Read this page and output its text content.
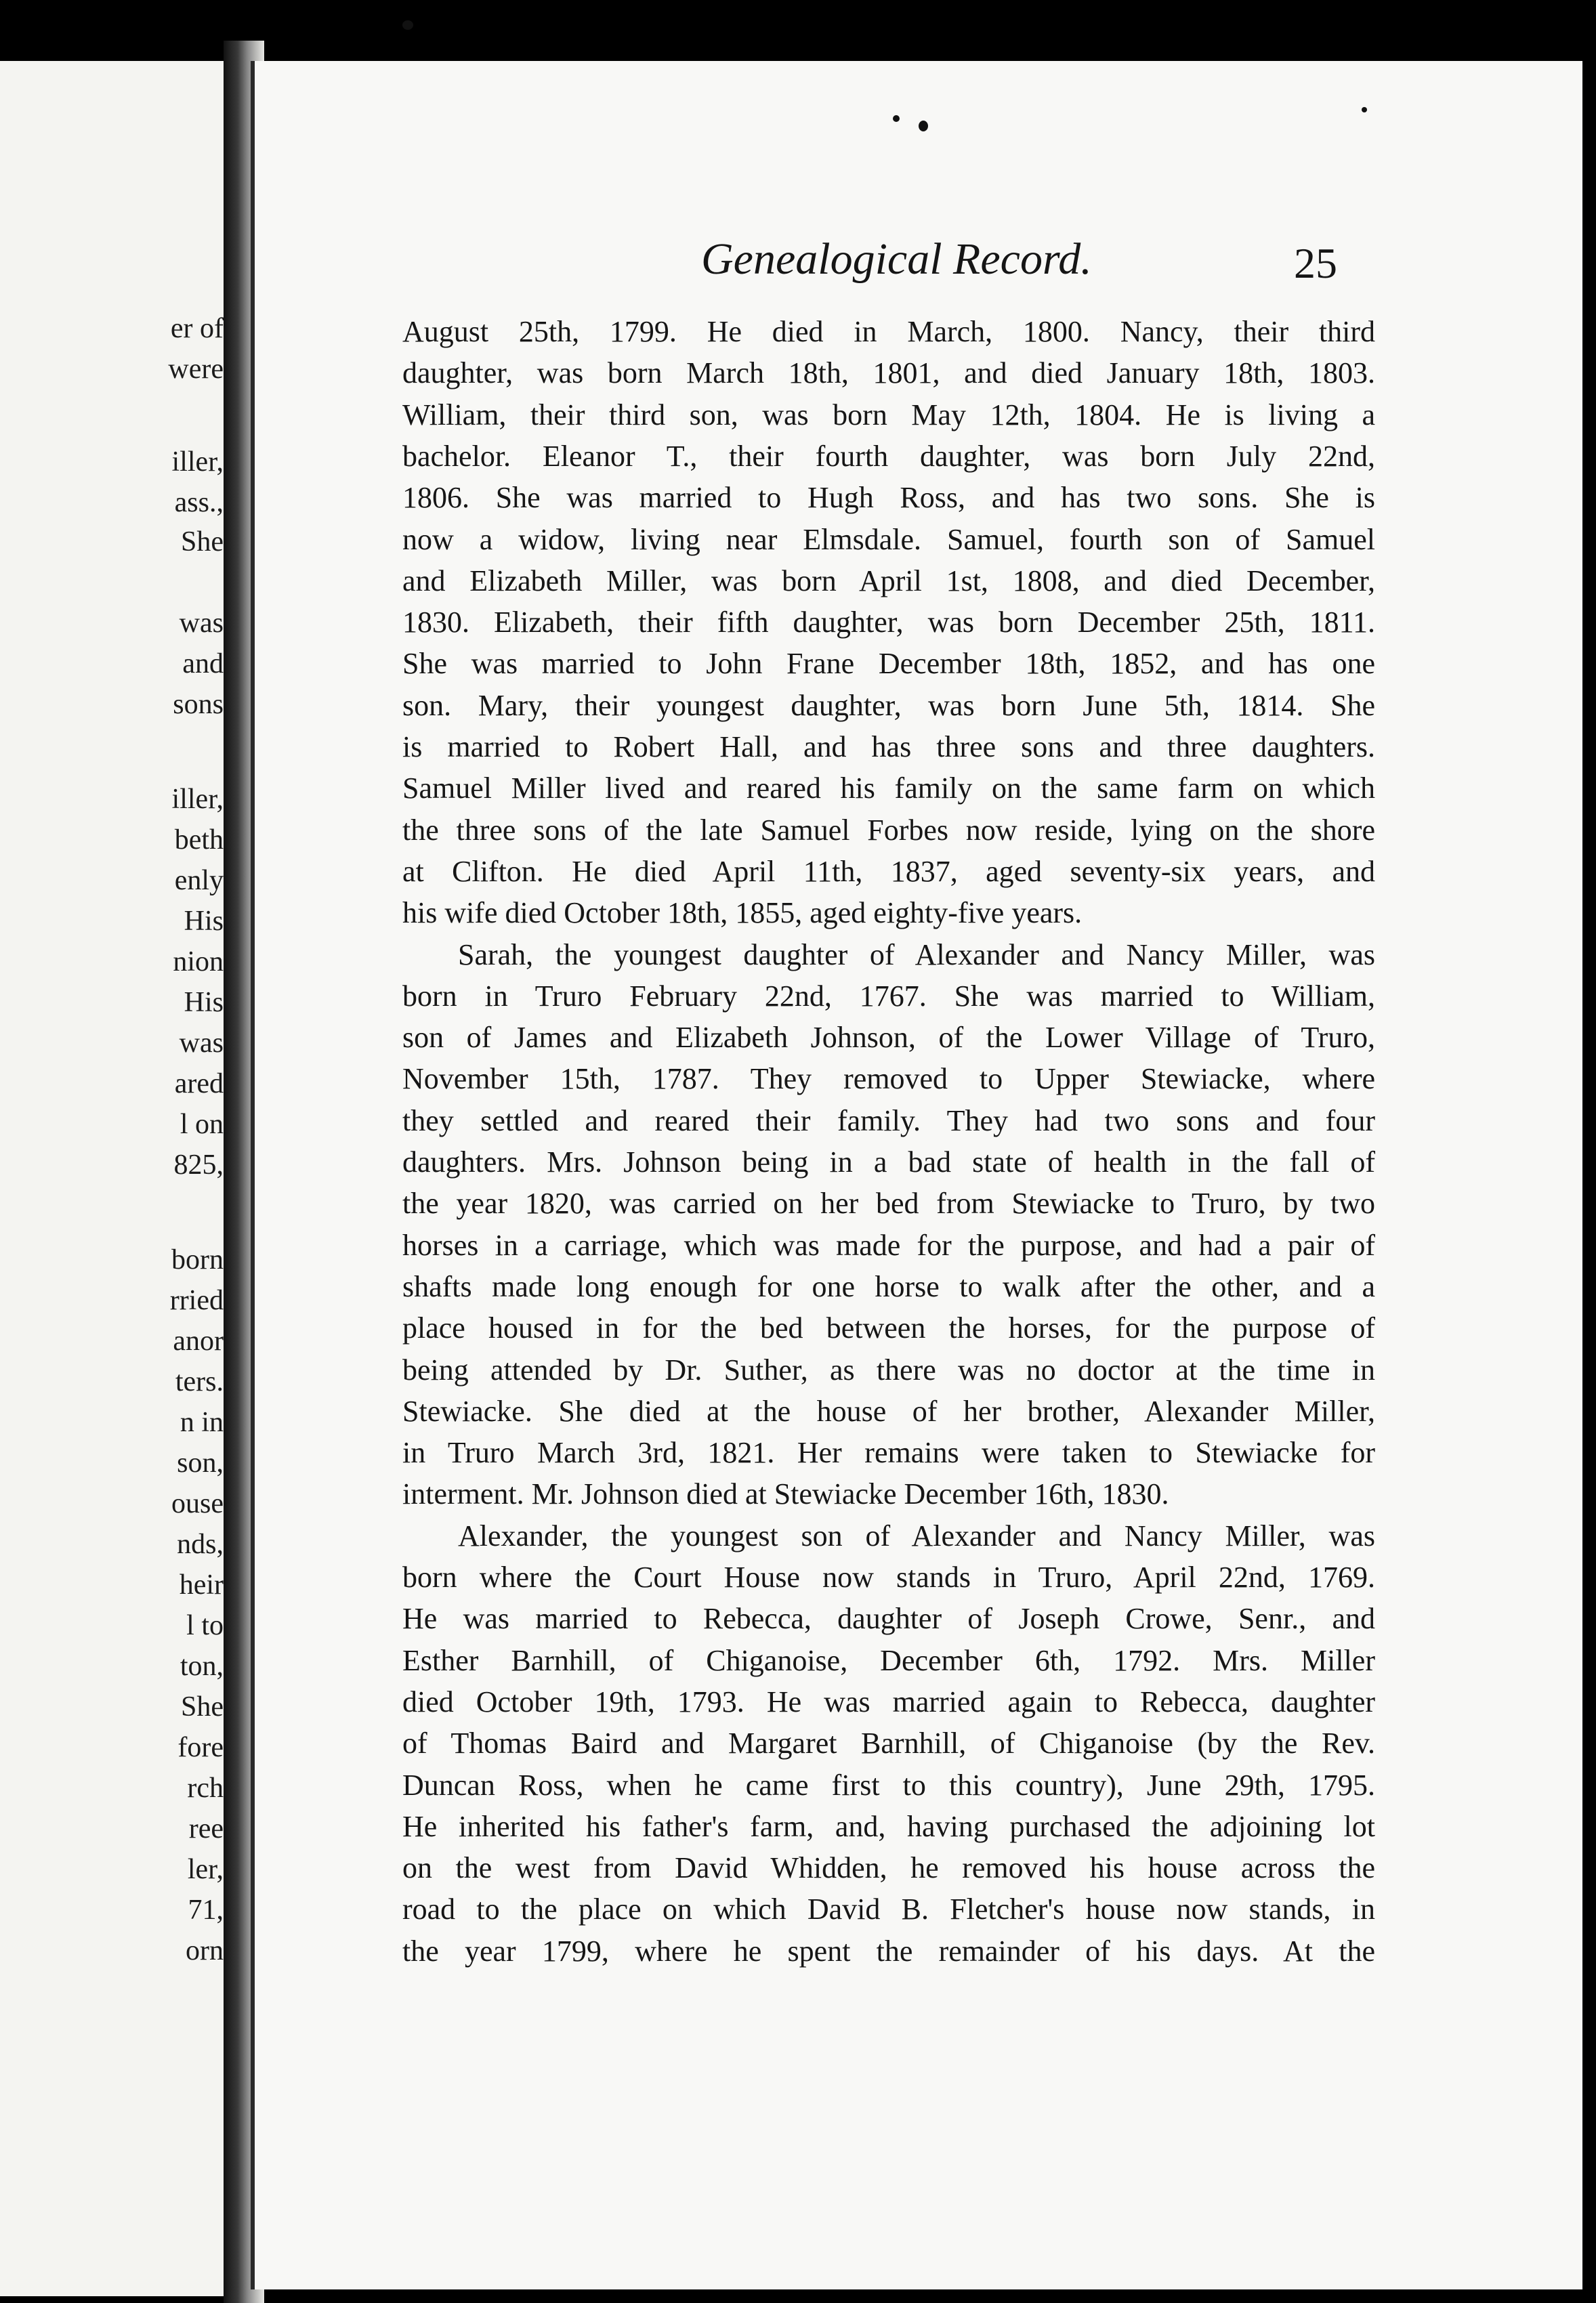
er of
were
iller,
ass.,
She
was
and
sons
iller,
beth
enly
His
nion
His
was
ared
l on
825,
born
rried
anor
ters.
n in
son,
ouse
nds,
heir
l to
ton,
She
fore
rch
ree
ler,
71,
orn
Genealogical Record.	25
August 25th, 1799. He died in March, 1800. Nancy, their third
daughter, was born March 18th, 1801, and died January 18th, 1803.
William, their third son, was born May 12th, 1804. He is living a
bachelor. Eleanor T., their fourth daughter, was born July 22nd,
1806. She was married to Hugh Ross, and has two sons. She is
now a widow, living near Elmsdale. Samuel, fourth son of Samuel
and Elizabeth Miller, was born April 1st, 1808, and died December,
1830. Elizabeth, their fifth daughter, was born December 25th, 1811.
She was married to John Frane December 18th, 1852, and has one
son. Mary, their youngest daughter, was born June 5th, 1814. She
is married to Robert Hall, and has three sons and three daughters.
Samuel Miller lived and reared his family on the same farm on which
the three sons of the late Samuel Forbes now reside, lying on the shore
at Clifton. He died April 11th, 1837, aged seventy-six years, and
his wife died October 18th, 1855, aged eighty-five years.
Sarah, the youngest daughter of Alexander and Nancy Miller, was
born in Truro February 22nd, 1767. She was married to William,
son of James and Elizabeth Johnson, of the Lower Village of Truro,
November 15th, 1787. They removed to Upper Stewiacke, where
they settled and reared their family. They had two sons and four
daughters. Mrs. Johnson being in a bad state of health in the fall of
the year 1820, was carried on her bed from Stewiacke to Truro, by two
horses in a carriage, which was made for the purpose, and had a pair of
shafts made long enough for one horse to walk after the other, and a
place housed in for the bed between the horses, for the purpose of
being attended by Dr. Suther, as there was no doctor at the time in
Stewiacke. She died at the house of her brother, Alexander Miller,
in Truro March 3rd, 1821. Her remains were taken to Stewiacke for
interment. Mr. Johnson died at Stewiacke December 16th, 1830.
Alexander, the youngest son of Alexander and Nancy Miller, was
born where the Court House now stands in Truro, April 22nd, 1769.
He was married to Rebecca, daughter of Joseph Crowe, Senr., and
Esther Barnhill, of Chiganoise, December 6th, 1792. Mrs. Miller
died October 19th, 1793. He was married again to Rebecca, daughter
of Thomas Baird and Margaret Barnhill, of Chiganoise (by the Rev.
Duncan Ross, when he came first to this country), June 29th, 1795.
He inherited his father's farm, and, having purchased the adjoining lot
on the west from David Whidden, he removed his house across the
road to the place on which David B. Fletcher's house now stands, in
the year 1799, where he spent the remainder of his days. At the
